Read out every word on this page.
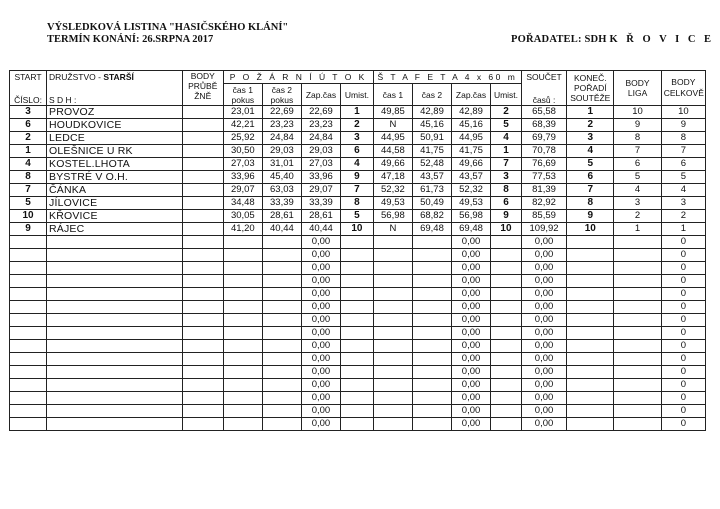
VÝSLEDKOVÁ LISTINA "HASIČSKÉHO KLÁNÍ"
TERMÍN KONÁNÍ: 26.SRPNA 2017	POŘADATEL: SDH K Ř O V I C E
START	DRUŽSTVO - STARŠÍ	BODY PRŮBĚ ŽNĚ	P O Ž Á R N Í Ú T O K				Š T A F E T A 4 x 60 m				SOUČET	KONEČ. POŘADÍ SOUTĚŽE	BODY LIGA	BODY CELKOVĚ
ČÍSLO:	S D H :		čas 1 pokus	čas 2 pokus	Zap.čas	Umist.	čas 1	čas 2	Zap.čas	Umist.	časů :			
3	PROVOZ		23,01	22,69	22,69	1	49,85	42,89	42,89	2	65,58	1	10	10
6	HOUDKOVICE		42,21	23,23	23,23	2	N	45,16	45,16	5	68,39	2	9	9
2	LEDCE		25,92	24,84	24,84	3	44,95	50,91	44,95	4	69,79	3	8	8
1	OLEŠNICE U RK		30,50	29,03	29,03	6	44,58	41,75	41,75	1	70,78	4	7	7
4	KOSTEL.LHOTA		27,03	31,01	27,03	4	49,66	52,48	49,66	7	76,69	5	6	6
8	BYSTRÉ V O.H.		33,96	45,40	33,96	9	47,18	43,57	43,57	3	77,53	6	5	5
7	ČÁNKA		29,07	63,03	29,07	7	52,32	61,73	52,32	8	81,39	7	4	4
5	JÍLOVICE		34,48	33,39	33,39	8	49,53	50,49	49,53	6	82,92	8	3	3
10	KŘOVICE		30,05	28,61	28,61	5	56,98	68,82	56,98	9	85,59	9	2	2
9	RÁJEC		41,20	40,44	40,44	10	N	69,48	69,48	10	109,92	10	1	1
					0,00				0,00		0,00			0
					0,00				0,00		0,00			0
					0,00				0,00		0,00			0
					0,00				0,00		0,00			0
					0,00				0,00		0,00			0
					0,00				0,00		0,00			0
					0,00				0,00		0,00			0
					0,00				0,00		0,00			0
					0,00				0,00		0,00			0
					0,00				0,00		0,00			0
					0,00				0,00		0,00			0
					0,00				0,00		0,00			0
					0,00				0,00		0,00			0
					0,00				0,00		0,00			0
					0,00				0,00		0,00			0
